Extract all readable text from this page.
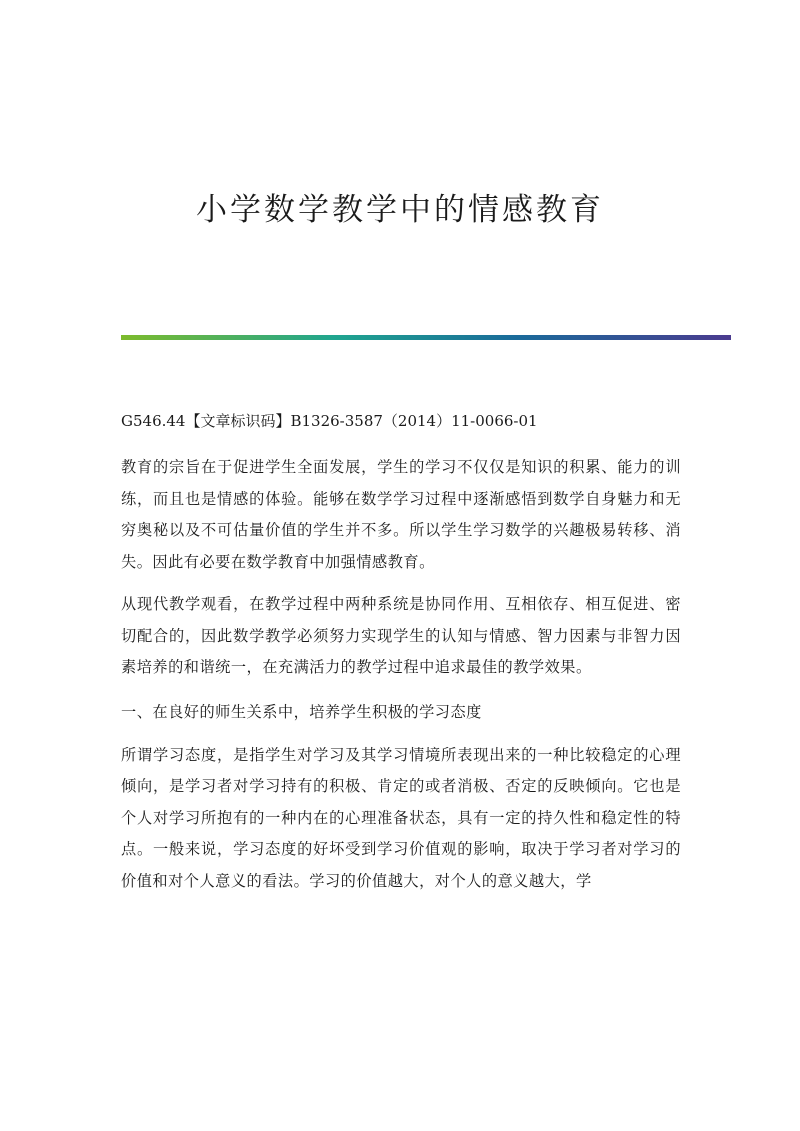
小学数学教学中的情感教育

G546.44【文章标识码】B1326-3587（2014）11-0066-01

教育的宗旨在于促进学生全面发展，学生的学习不仅仅是知识的积累、能力的训练，而且也是情感的体验。能够在数学学习过程中逐渐感悟到数学自身魅力和无穷奥秘以及不可估量价值的学生并不多。所以学生学习数学的兴趣极易转移、消失。因此有必要在数学教育中加强情感教育。

从现代教学观看，在教学过程中两种系统是协同作用、互相依存、相互促进、密切配合的，因此数学教学必须努力实现学生的认知与情感、智力因素与非智力因素培养的和谐统一，在充满活力的教学过程中追求最佳的教学效果。

一、在良好的师生关系中，培养学生积极的学习态度

所谓学习态度，是指学生对学习及其学习情境所表现出来的一种比较稳定的心理倾向，是学习者对学习持有的积极、肯定的或者消极、否定的反映倾向。它也是个人对学习所抱有的一种内在的心理准备状态，具有一定的持久性和稳定性的特点。一般来说，学习态度的好坏受到学习价值观的影响，取决于学习者对学习的价值和对个人意义的看法。学习的价值越大，对个人的意义越大，学
